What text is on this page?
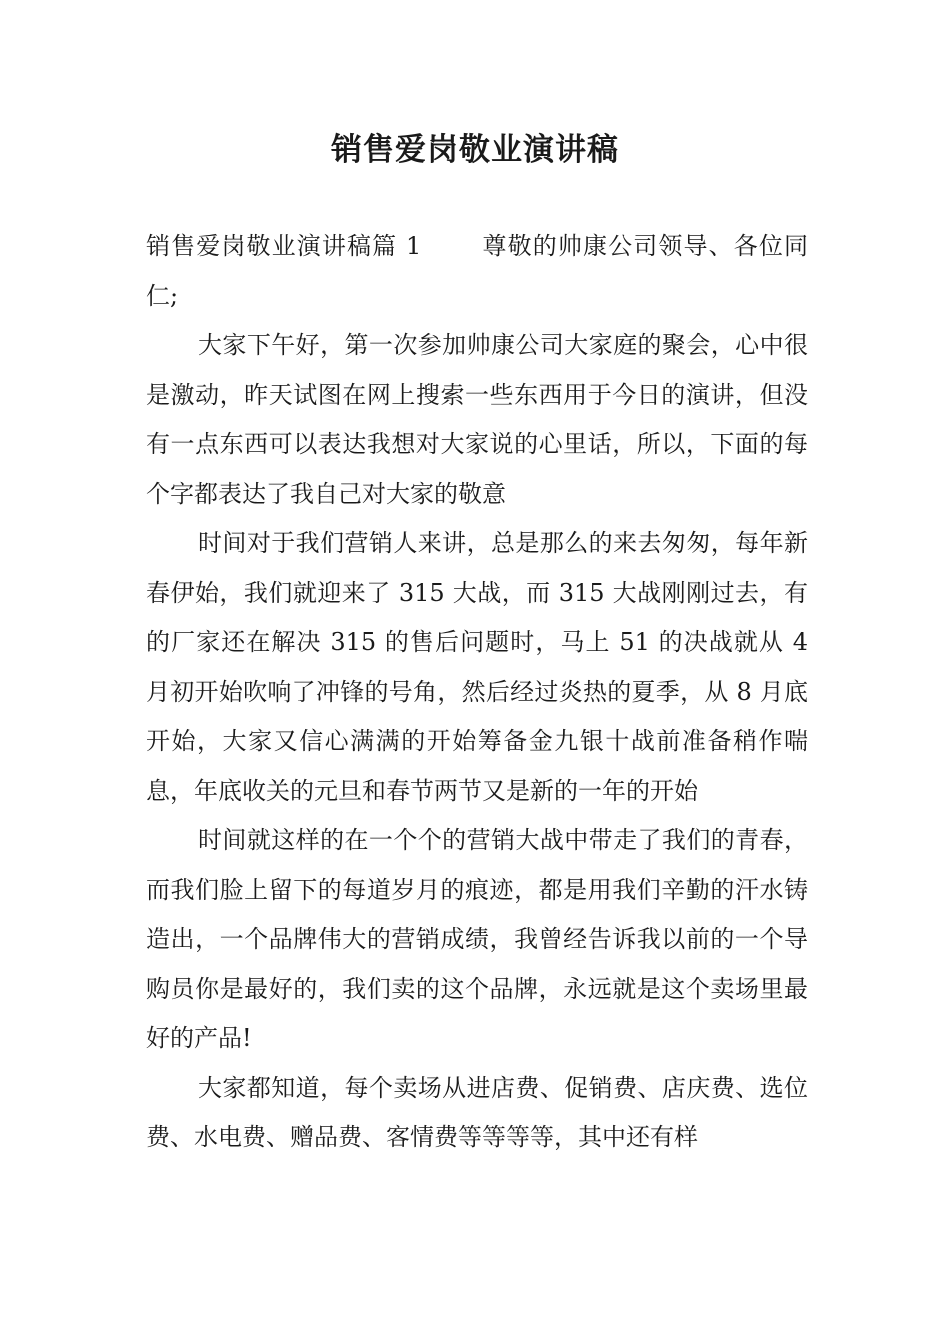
销售爱岗敬业演讲稿

销售爱岗敬业演讲稿篇 1	尊敬的帅康公司领导、各位同仁;

大家下午好，第一次参加帅康公司大家庭的聚会，心中很是激动，昨天试图在网上搜索一些东西用于今日的演讲，但没有一点东西可以表达我想对大家说的心里话，所以，下面的每个字都表达了我自己对大家的敬意

时间对于我们营销人来讲，总是那么的来去匆匆，每年新春伊始，我们就迎来了 315 大战，而 315 大战刚刚过去，有的厂家还在解决 315 的售后问题时，马上 51 的决战就从 4 月初开始吹响了冲锋的号角，然后经过炎热的夏季，从 8 月底开始，大家又信心满满的开始筹备金九银十战前准备稍作喘息，年底收关的元旦和春节两节又是新的一年的开始

时间就这样的在一个个的营销大战中带走了我们的青春，而我们脸上留下的每道岁月的痕迹，都是用我们辛勤的汗水铸造出，一个品牌伟大的营销成绩，我曾经告诉我以前的一个导购员你是最好的，我们卖的这个品牌，永远就是这个卖场里最好的产品!

大家都知道，每个卖场从进店费、促销费、店庆费、选位费、水电费、赠品费、客情费等等等等，其中还有样
